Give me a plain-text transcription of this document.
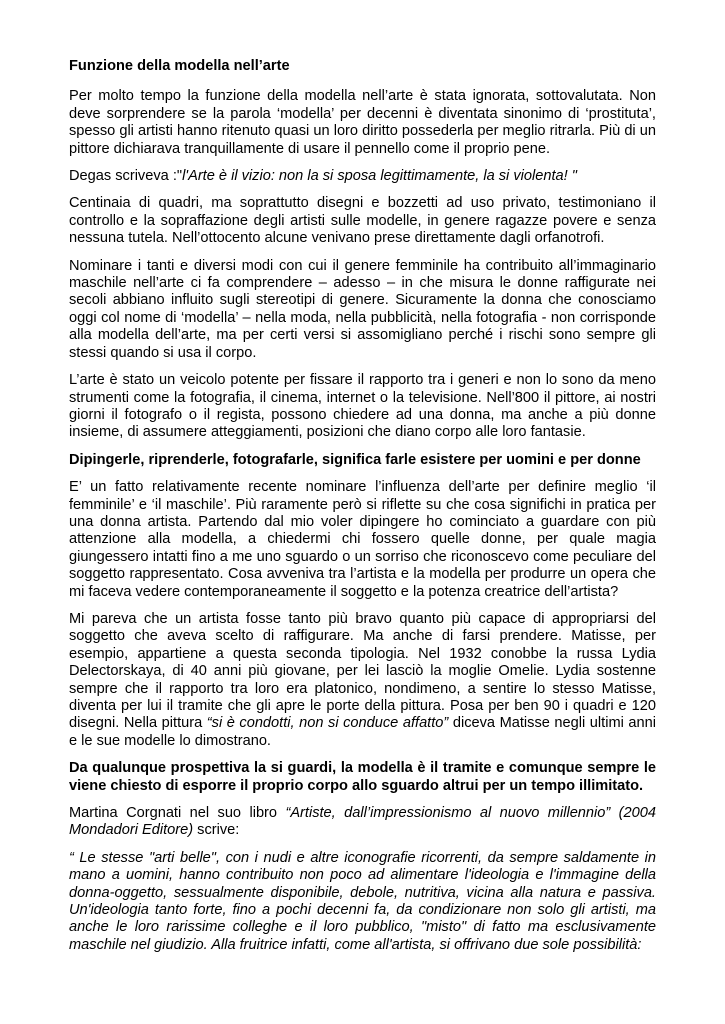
Funzione della modella nell’arte

Per molto tempo la funzione della modella nell’arte è stata ignorata, sottovalutata. Non deve sorprendere se la parola ‘modella’ per decenni è diventata sinonimo di ‘prostituta’, spesso gli artisti hanno ritenuto quasi un loro diritto possederla per meglio ritrarla. Più di un pittore dichiarava tranquillamente di usare il pennello come il proprio pene.

Degas scriveva :"l'Arte è il vizio: non la si sposa legittimamente, la si violenta! "

Centinaia di quadri, ma soprattutto disegni e bozzetti ad uso privato, testimoniano il controllo e la sopraffazione degli artisti sulle modelle, in genere ragazze povere e senza nessuna tutela. Nell’ottocento alcune venivano prese direttamente dagli orfanotrofi.

Nominare i tanti e diversi modi con cui il genere femminile ha contribuito all’immaginario maschile nell’arte ci fa comprendere – adesso – in che misura le donne raffigurate nei secoli abbiano influito sugli stereotipi di genere. Sicuramente la donna che conosciamo oggi col nome di ‘modella’ – nella moda, nella pubblicità, nella fotografia - non corrisponde alla modella dell’arte, ma per certi versi si assomigliano perché i rischi sono sempre gli stessi quando si usa il corpo.

L’arte è stato un veicolo potente per fissare il rapporto tra i generi e non lo sono da meno strumenti come la fotografia, il cinema, internet o la televisione. Nell’800 il pittore, ai nostri giorni il fotografo o il regista, possono chiedere ad una donna, ma anche a più donne insieme, di assumere atteggiamenti, posizioni che diano corpo alle loro fantasie.

Dipingerle, riprenderle, fotografarle, significa farle esistere per uomini e per donne

E’ un fatto relativamente recente nominare l’influenza dell’arte per definire meglio ‘il femminile’ e ‘il maschile’. Più raramente però si riflette su che cosa significhi in pratica per una donna artista. Partendo dal mio voler dipingere ho cominciato a guardare con più attenzione alla modella, a chiedermi chi fossero quelle donne, per quale magia giungessero intatti fino a me uno sguardo o un sorriso che riconoscevo come peculiare del soggetto rappresentato. Cosa avveniva tra l’artista e la modella per produrre un opera che mi faceva vedere contemporaneamente il soggetto e la potenza creatrice dell’artista?

Mi pareva che un artista fosse tanto più bravo quanto più capace di appropriarsi del soggetto che aveva scelto di raffigurare. Ma anche di farsi prendere. Matisse, per esempio, appartiene a questa seconda tipologia. Nel 1932 conobbe la russa Lydia Delectorskaya, di 40 anni più giovane, per lei lasciò la moglie Omelie. Lydia sostenne sempre che il rapporto tra loro era platonico, nondimeno, a sentire lo stesso Matisse, diventa per lui il tramite che gli apre le porte della pittura. Posa per ben 90 i quadri e 120 disegni. Nella pittura “si è condotti, non si conduce affatto” diceva Matisse negli ultimi anni e le sue modelle lo dimostrano.

Da qualunque prospettiva la si guardi, la modella è il tramite e comunque sempre le viene chiesto di esporre il proprio corpo allo sguardo altrui per un tempo illimitato.

Martina Corgnati nel suo libro “Artiste, dall’impressionismo al nuovo millennio” (2004 Mondadori Editore) scrive:

“ Le stesse "arti belle", con i nudi e altre iconografie ricorrenti, da sempre saldamente in mano a uomini, hanno contribuito non poco ad alimentare l'ideologia e l'immagine della donna-oggetto, sessualmente disponibile, debole, nutritiva, vicina alla natura e passiva. Un'ideologia tanto forte, fino a pochi decenni fa, da condizionare non solo gli artisti, ma anche le loro rarissime colleghe e il loro pubblico, "misto" di fatto ma esclusivamente maschile nel giudizio. Alla fruitrice infatti, come all'artista, si offrivano due sole possibilità:
